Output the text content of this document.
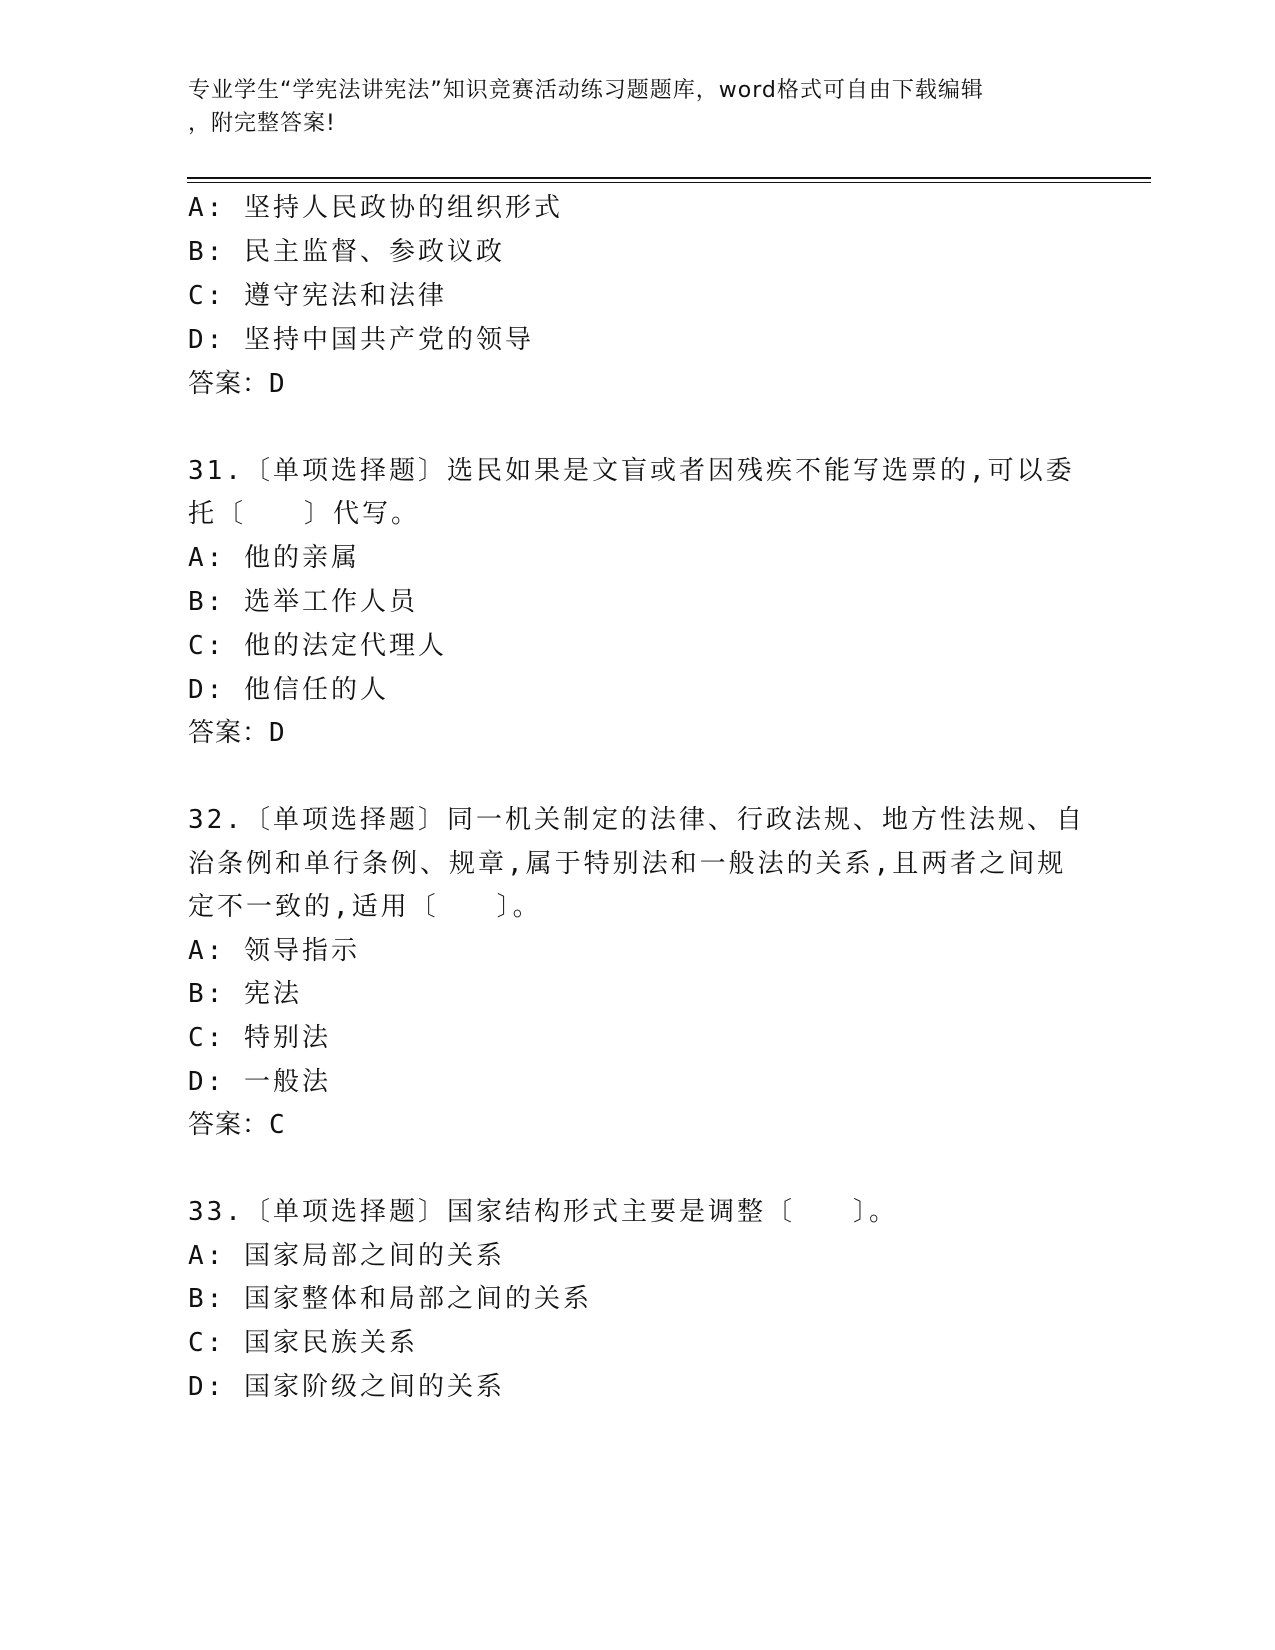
专业学生“学宪法讲宪法”知识竞赛活动练习题题库，word格式可自由下载编辑
，附完整答案!
A: 坚持人民政协的组织形式
B: 民主监督、参政议政
C: 遵守宪法和法律
D: 坚持中国共产党的领导
答案：D
31.〔单项选择题〕选民如果是文盲或者因残疾不能写选票的,可以委
托〔　　〕代写。
A: 他的亲属
B: 选举工作人员
C: 他的法定代理人
D: 他信任的人
答案：D
32.〔单项选择题〕同一机关制定的法律、行政法规、地方性法规、自
治条例和单行条例、规章,属于特别法和一般法的关系,且两者之间规
定不一致的,适用〔　　〕。
A: 领导指示
B: 宪法
C: 特别法
D: 一般法
答案：C
33.〔单项选择题〕国家结构形式主要是调整〔　　〕。
A: 国家局部之间的关系
B: 国家整体和局部之间的关系
C: 国家民族关系
D: 国家阶级之间的关系
